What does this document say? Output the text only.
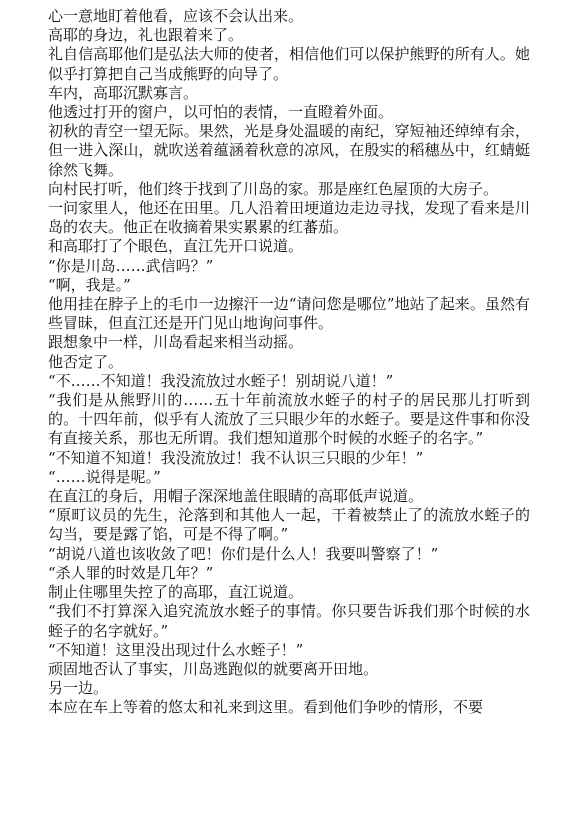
心一意地盯着他看，应该不会认出来。

高耶的身边，礼也跟着来了。

礼自信高耶他们是弘法大师的使者，相信他们可以保护熊野的所有人。她似乎打算把自己当成熊野的向导了。

车内，高耶沉默寡言。

他透过打开的窗户，以可怕的表情，一直瞪着外面。

初秋的青空一望无际。果然，光是身处温暖的南纪，穿短袖还绰绰有余，但一进入深山，就吹送着蕴涵着秋意的凉风，在殷实的稻穗丛中，红蜻蜓徐然飞舞。

向村民打听，他们终于找到了川岛的家。那是座红色屋顶的大房子。

一问家里人，他还在田里。几人沿着田埂道边走边寻找，发现了看来是川岛的农夫。他正在收摘着果实累累的红蕃茄。

和高耶打了个眼色，直江先开口说道。

“你是川岛……武信吗？”

“啊，我是。”

他用挂在脖子上的毛巾一边擦汗一边“请问您是哪位”地站了起来。虽然有些冒昧，但直江还是开门见山地询问事件。

跟想象中一样，川岛看起来相当动摇。

他否定了。

“不……不知道！我没流放过水蛭子！别胡说八道！”

“我们是从熊野川的……五十年前流放水蛭子的村子的居民那儿打听到的。十四年前，似乎有人流放了三只眼少年的水蛭子。要是这件事和你没有直接关系，那也无所谓。我们想知道那个时候的水蛭子的名字。”

“不知道不知道！我没流放过！我不认识三只眼的少年！”

“……说得是呢。”

在直江的身后，用帽子深深地盖住眼睛的高耶低声说道。

“原町议员的先生，沦落到和其他人一起，干着被禁止了的流放水蛭子的勾当，要是露了馅，可是不得了啊。”

“胡说八道也该收敛了吧！你们是什么人！我要叫警察了！”

“杀人罪的时效是几年？”

制止住哪里失控了的高耶，直江说道。

“我们不打算深入追究流放水蛭子的事情。你只要告诉我们那个时候的水蛭子的名字就好。”

“不知道！这里没出现过什么水蛭子！”

顽固地否认了事实，川岛逃跑似的就要离开田地。

另一边。

本应在车上等着的悠太和礼来到这里。看到他们争吵的情形，不要
